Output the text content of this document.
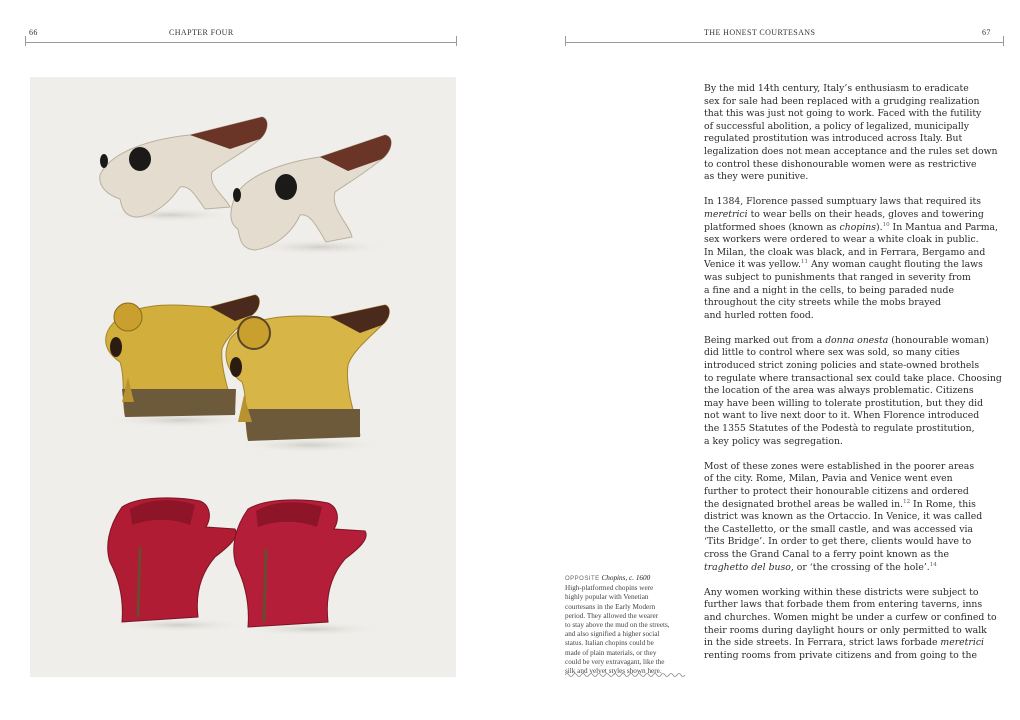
66	CHAPTER FOUR	THE HONEST COURTESANS	67
OPPOSITE Chopins, c. 1600
High-platformed chopins were
highly popular with Venetian
courtesans in the Early Modern
period. They allowed the wearer
to stay above the mud on the streets,
and also signified a higher social
status. Italian chopins could be
made of plain materials, or they
could be very extravagant, like the
silk and velvet styles shown here.

By the mid 14th century, Italy’s enthusiasm to eradicate
sex for sale had been replaced with a grudging realization
that this was just not going to work. Faced with the futility
of successful abolition, a policy of legalized, municipally
regulated prostitution was introduced across Italy. But
legalization does not mean acceptance and the rules set down
to control these dishonourable women were as restrictive
as they were punitive.

In 1384, Florence passed sumptuary laws that required its
meretrici to wear bells on their heads, gloves and towering
platformed shoes (known as chopins).$^{10}$ In Mantua and Parma,
sex workers were ordered to wear a white cloak in public.
In Milan, the cloak was black, and in Ferrara, Bergamo and
Venice it was yellow.$^{11}$ Any woman caught flouting the laws
was subject to punishments that ranged in severity from
a fine and a night in the cells, to being paraded nude
throughout the city streets while the mobs brayed
and hurled rotten food.

Being marked out from a donna onesta (honourable woman)
did little to control where sex was sold, so many cities
introduced strict zoning policies and state-owned brothels
to regulate where transactional sex could take place. Choosing
the location of the area was always problematic. Citizens
may have been willing to tolerate prostitution, but they did
not want to live next door to it. When Florence introduced
the 1355 Statutes of the Podestà to regulate prostitution,
a key policy was segregation.

Most of these zones were established in the poorer areas
of the city. Rome, Milan, Pavia and Venice went even
further to protect their honourable citizens and ordered
the designated brothel areas be walled in.$^{12}$ In Rome, this
district was known as the Ortaccio. In Venice, it was called
the Castelletto, or the small castle, and was accessed via
‘Tits Bridge’. In order to get there, clients would have to
cross the Grand Canal to a ferry point known as the
traghetto del buso, or ‘the crossing of the hole’.$^{14}$

Any women working within these districts were subject to
further laws that forbade them from entering taverns, inns
and churches. Women might be under a curfew or confined to
their rooms during daylight hours or only permitted to walk
in the side streets. In Ferrara, strict laws forbade meretrici
renting rooms from private citizens and from going to the
